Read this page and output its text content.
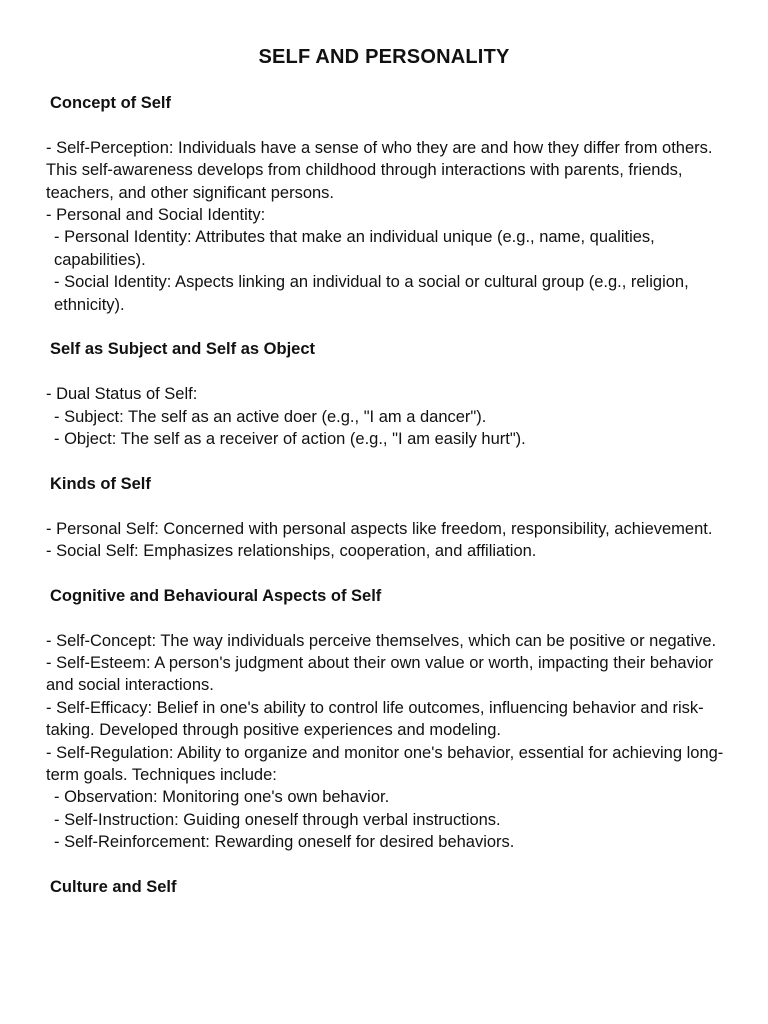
SELF AND PERSONALITY
Concept of Self

- Self-Perception: Individuals have a sense of who they are and how they differ from others. This self-awareness develops from childhood through interactions with parents, friends, teachers, and other significant persons.

- Personal and Social Identity:

- Personal Identity: Attributes that make an individual unique (e.g., name, qualities, capabilities).

- Social Identity: Aspects linking an individual to a social or cultural group (e.g., religion, ethnicity).

Self as Subject and Self as Object

- Dual Status of Self:

- Subject: The self as an active doer (e.g., "I am a dancer").

- Object: The self as a receiver of action (e.g., "I am easily hurt").

Kinds of Self

- Personal Self: Concerned with personal aspects like freedom, responsibility, achievement.

- Social Self: Emphasizes relationships, cooperation, and affiliation.

Cognitive and Behavioural Aspects of Self

- Self-Concept: The way individuals perceive themselves, which can be positive or negative.

- Self-Esteem: A person's judgment about their own value or worth, impacting their behavior and social interactions.

- Self-Efficacy: Belief in one's ability to control life outcomes, influencing behavior and risk-taking. Developed through positive experiences and modeling.

- Self-Regulation: Ability to organize and monitor one's behavior, essential for achieving long-term goals. Techniques include:

- Observation: Monitoring one's own behavior.

- Self-Instruction: Guiding oneself through verbal instructions.

- Self-Reinforcement: Rewarding oneself for desired behaviors.

Culture and Self
